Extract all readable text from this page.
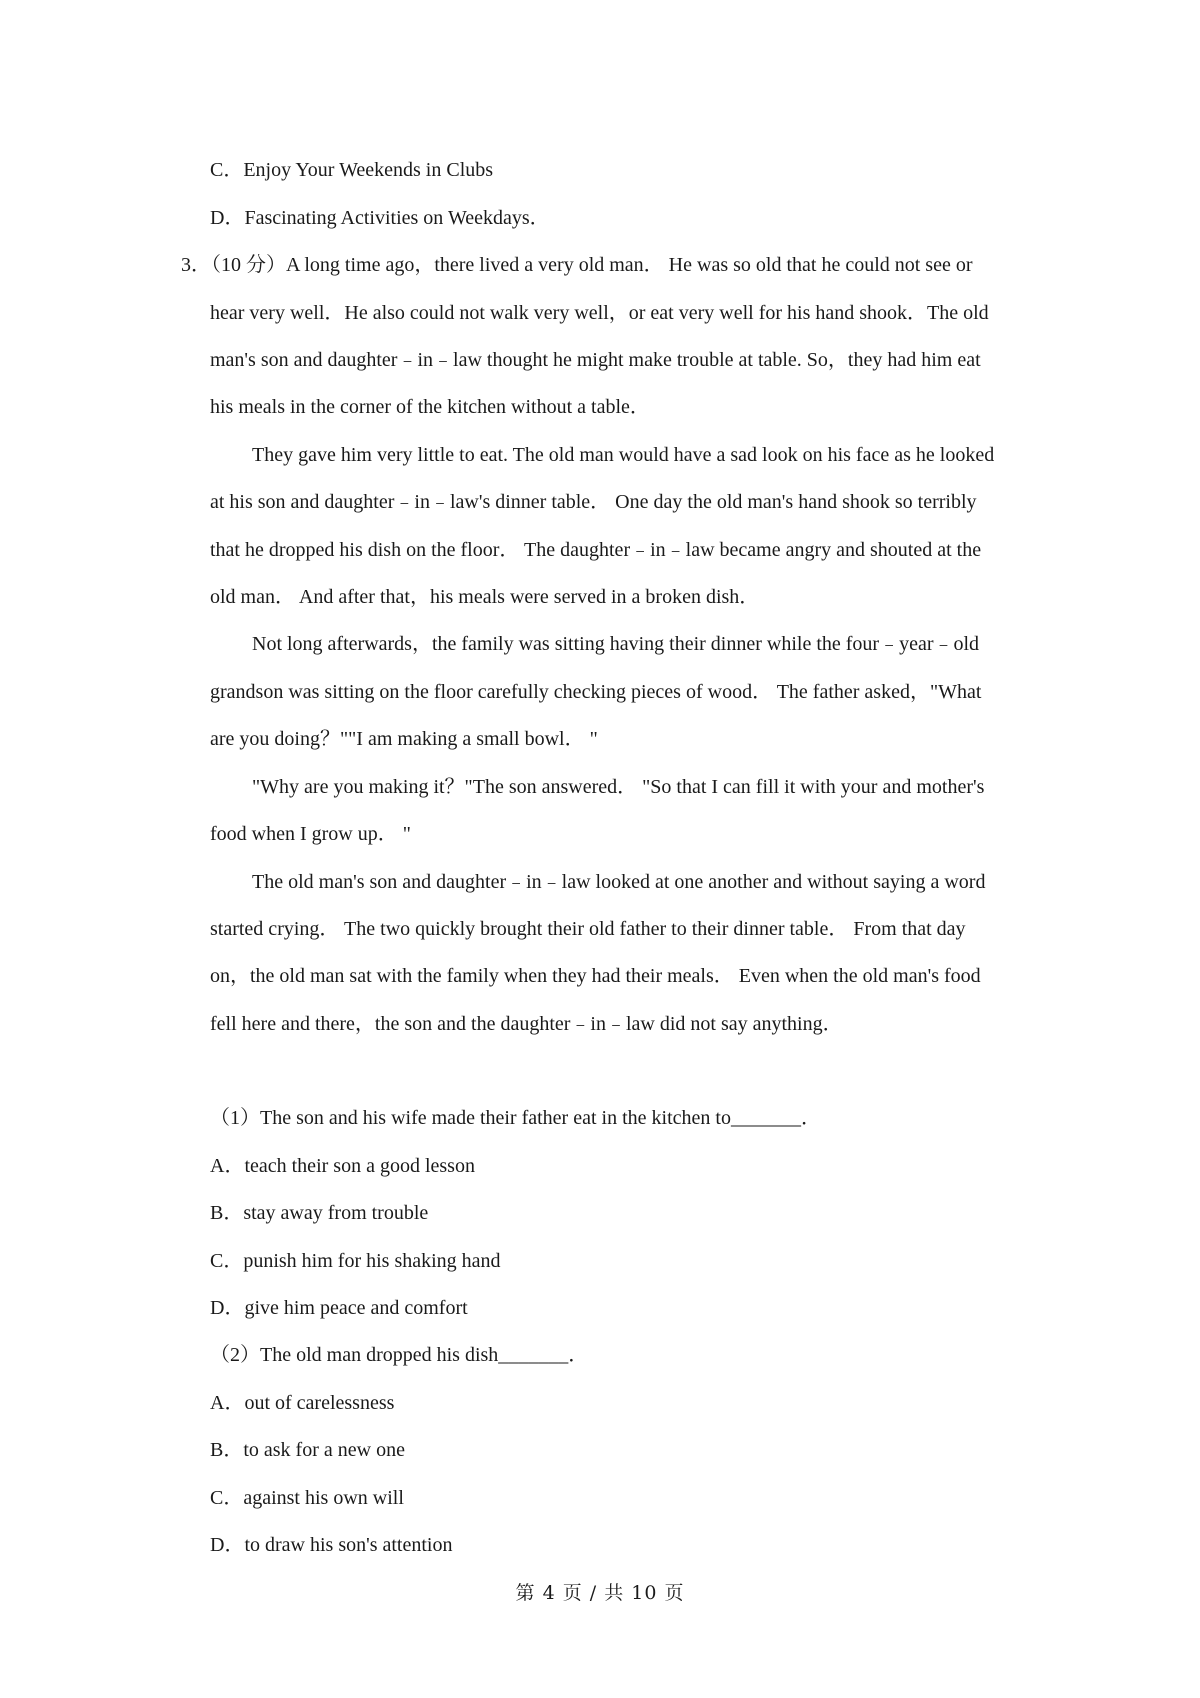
C．Enjoy Your Weekends in Clubs
D．Fascinating Activities on Weekdays．
3．（10 分）A long time ago，there lived a very old man． He was so old that he could not see or
hear very well．He also could not walk very well，or eat very well for his hand shook．The old
man's son and daughter﹣in﹣law thought he might make trouble at table. So，they had him eat
his meals in the corner of the kitchen without a table．
They gave him very little to eat. The old man would have a sad look on his face as he looked
at his son and daughter﹣in﹣law's dinner table． One day the old man's hand shook so terribly
that he dropped his dish on the floor． The daughter﹣in﹣law became angry and shouted at the
old man． And after that，his meals were served in a broken dish．
Not long afterwards，the family was sitting having their dinner while the four﹣year﹣old
grandson was sitting on the floor carefully checking pieces of wood． The father asked，"What
are you doing？""I am making a small bowl． "
"Why are you making it？"The son answered． "So that I can fill it with your and mother's
food when I grow up． "
The old man's son and daughter﹣in﹣law looked at one another and without saying a word
started crying． The two quickly brought their old father to their dinner table． From that day
on，the old man sat with the family when they had their meals． Even when the old man's food
fell here and there，the son and the daughter﹣in﹣law did not say anything．
（1）The son and his wife made their father eat in the kitchen to_______．
A．teach their son a good lesson
B．stay away from trouble
C．punish him for his shaking hand
D．give him peace and comfort
（2）The old man dropped his dish_______．
A．out of carelessness
B．to ask for a new one
C．against his own will
D．to draw his son's attention
第 4 页 / 共 10 页
